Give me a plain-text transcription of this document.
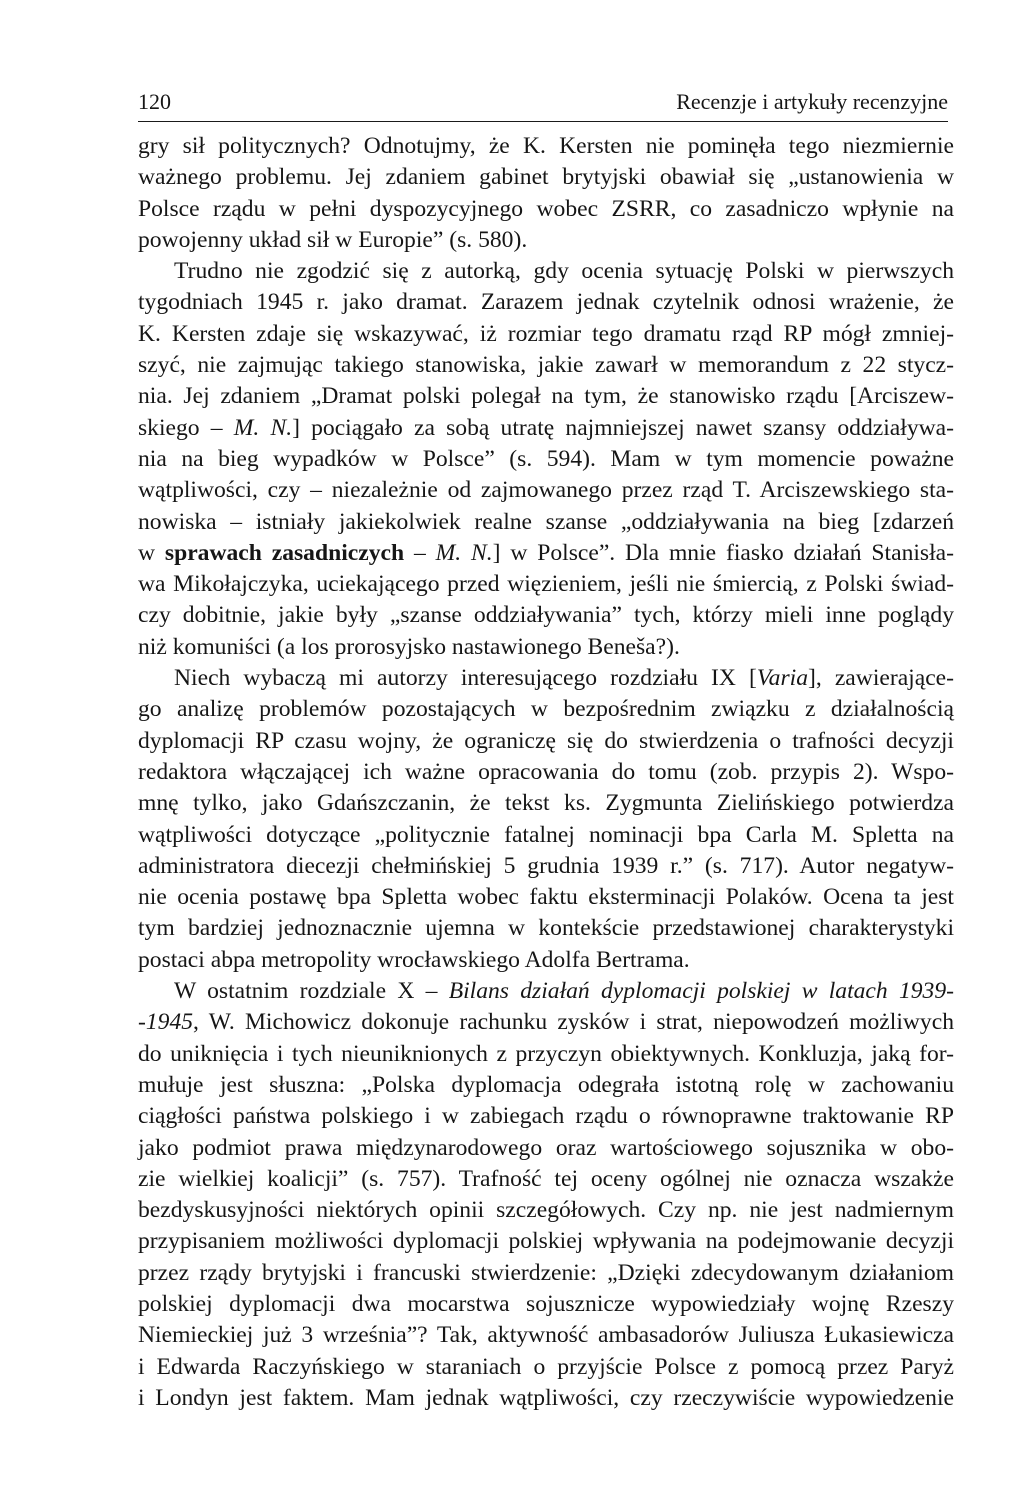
120	Recenzje i artykuły recenzyjne
gry sił politycznych? Odnotujmy, że K. Kersten nie pominęła tego niezmiernie
ważnego problemu. Jej zdaniem gabinet brytyjski obawiał się „ustanowienia w
Polsce rządu w pełni dyspozycyjnego wobec ZSRR, co zasadniczo wpłynie na
powojenny układ sił w Europie” (s. 580).
Trudno nie zgodzić się z autorką, gdy ocenia sytuację Polski w pierwszych
tygodniach 1945 r. jako dramat. Zarazem jednak czytelnik odnosi wrażenie, że
K. Kersten zdaje się wskazywać, iż rozmiar tego dramatu rząd RP mógł zmniej-
szyć, nie zajmując takiego stanowiska, jakie zawarł w memorandum z 22 stycz-
nia. Jej zdaniem „Dramat polski polegał na tym, że stanowisko rządu [Arciszew-
skiego – M. N.] pociągało za sobą utratę najmniejszej nawet szansy oddziaływa-
nia na bieg wypadków w Polsce” (s. 594). Mam w tym momencie poważne
wątpliwości, czy – niezależnie od zajmowanego przez rząd T. Arciszewskiego sta-
nowiska – istniały jakiekolwiek realne szanse „oddziaływania na bieg [zdarzeń
w sprawach zasadniczych – M. N.] w Polsce”. Dla mnie fiasko działań Stanisła-
wa Mikołajczyka, uciekającego przed więzieniem, jeśli nie śmiercią, z Polski świad-
czy dobitnie, jakie były „szanse oddziaływania” tych, którzy mieli inne poglądy
niż komuniści (a los prorosyjsko nastawionego Beneša?).
Niech wybaczą mi autorzy interesującego rozdziału IX [Varia], zawierające-
go analizę problemów pozostających w bezpośrednim związku z działalnością
dyplomacji RP czasu wojny, że ograniczę się do stwierdzenia o trafności decyzji
redaktora włączającej ich ważne opracowania do tomu (zob. przypis 2). Wspo-
mnę tylko, jako Gdańszczanin, że tekst ks. Zygmunta Zielińskiego potwierdza
wątpliwości dotyczące „politycznie fatalnej nominacji bpa Carla M. Spletta na
administratora diecezji chełmińskiej 5 grudnia 1939 r.” (s. 717). Autor negatyw-
nie ocenia postawę bpa Spletta wobec faktu eksterminacji Polaków. Ocena ta jest
tym bardziej jednoznacznie ujemna w kontekście przedstawionej charakterystyki
postaci abpa metropolity wrocławskiego Adolfa Bertrama.
W ostatnim rozdziale X – Bilans działań dyplomacji polskiej w latach 1939-
-1945, W. Michowicz dokonuje rachunku zysków i strat, niepowodzeń możliwych
do uniknięcia i tych nieuniknionych z przyczyn obiektywnych. Konkluzja, jaką for-
mułuje jest słuszna: „Polska dyplomacja odegrała istotną rolę w zachowaniu
ciągłości państwa polskiego i w zabiegach rządu o równoprawne traktowanie RP
jako podmiot prawa międzynarodowego oraz wartościowego sojusznika w obo-
zie wielkiej koalicji” (s. 757). Trafność tej oceny ogólnej nie oznacza wszakże
bezdyskusyjności niektórych opinii szczegółowych. Czy np. nie jest nadmiernym
przypisaniem możliwości dyplomacji polskiej wpływania na podejmowanie decyzji
przez rządy brytyjski i francuski stwierdzenie: „Dzięki zdecydowanym działaniom
polskiej dyplomacji dwa mocarstwa sojusznicze wypowiedziały wojnę Rzeszy
Niemieckiej już 3 września”? Tak, aktywność ambasadorów Juliusza Łukasiewicza
i Edwarda Raczyńskiego w staraniach o przyjście Polsce z pomocą przez Paryż
i Londyn jest faktem. Mam jednak wątpliwości, czy rzeczywiście wypowiedzenie
